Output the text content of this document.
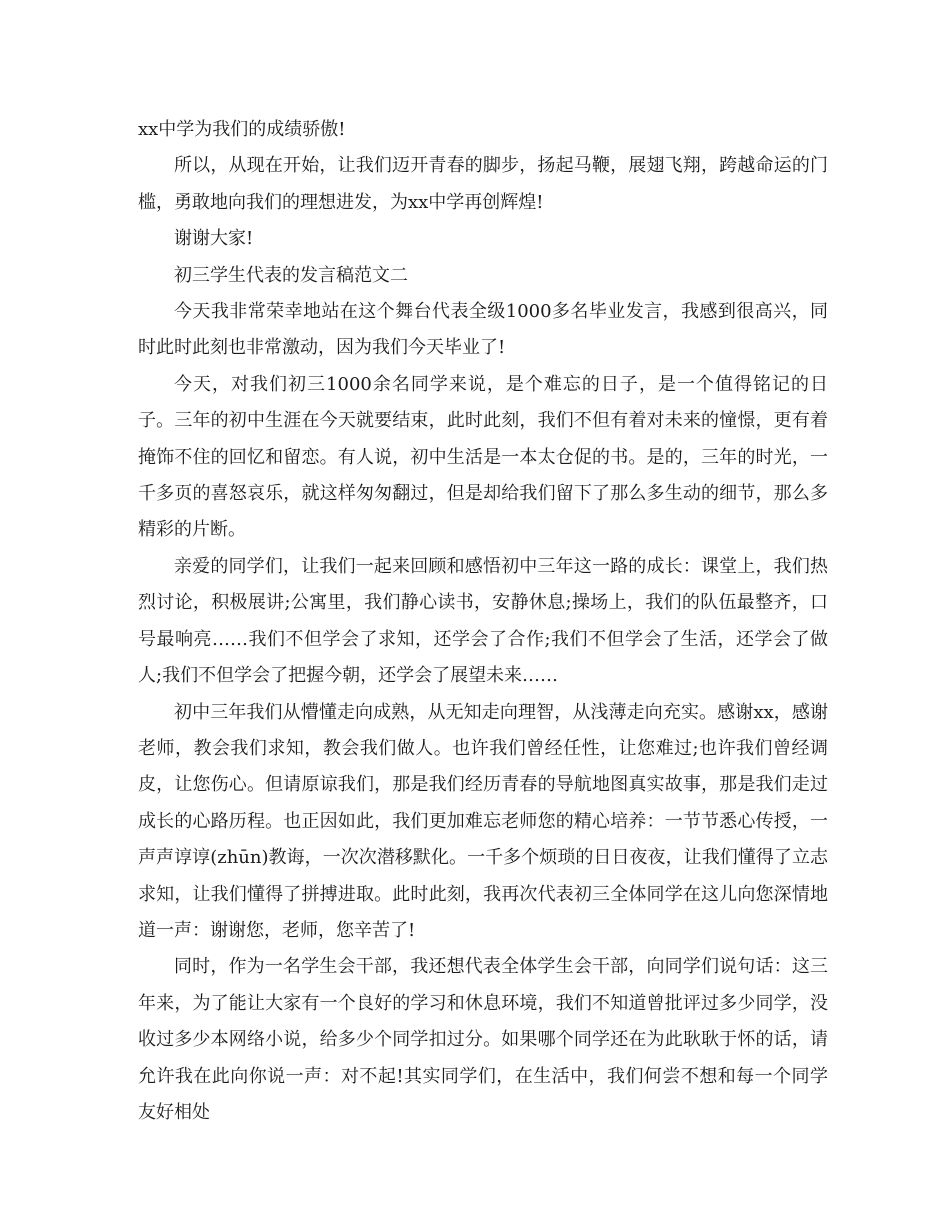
xx中学为我们的成绩骄傲!

所以，从现在开始，让我们迈开青春的脚步，扬起马鞭，展翅飞翔，跨越命运的门槛，勇敢地向我们的理想进发，为xx中学再创辉煌!

谢谢大家!

初三学生代表的发言稿范文二

今天我非常荣幸地站在这个舞台代表全级1000多名毕业发言，我感到很高兴，同时此时此刻也非常激动，因为我们今天毕业了!

今天，对我们初三1000余名同学来说，是个难忘的日子，是一个值得铭记的日子。三年的初中生涯在今天就要结束，此时此刻，我们不但有着对未来的憧憬，更有着掩饰不住的回忆和留恋。有人说，初中生活是一本太仓促的书。是的，三年的时光，一千多页的喜怒哀乐，就这样匆匆翻过，但是却给我们留下了那么多生动的细节，那么多精彩的片断。

亲爱的同学们，让我们一起来回顾和感悟初中三年这一路的成长：课堂上，我们热烈讨论，积极展讲;公寓里，我们静心读书，安静休息;操场上，我们的队伍最整齐，口号最响亮……我们不但学会了求知，还学会了合作;我们不但学会了生活，还学会了做人;我们不但学会了把握今朝，还学会了展望未来……

初中三年我们从懵懂走向成熟，从无知走向理智，从浅薄走向充实。感谢xx，感谢老师，教会我们求知，教会我们做人。也许我们曾经任性，让您难过;也许我们曾经调皮，让您伤心。但请原谅我们，那是我们经历青春的导航地图真实故事，那是我们走过成长的心路历程。也正因如此，我们更加难忘老师您的精心培养：一节节悉心传授，一声声谆谆(zhūn)教诲，一次次潜移默化。一千多个烦琐的日日夜夜，让我们懂得了立志求知，让我们懂得了拼搏进取。此时此刻，我再次代表初三全体同学在这儿向您深情地道一声：谢谢您，老师，您辛苦了!

同时，作为一名学生会干部，我还想代表全体学生会干部，向同学们说句话：这三年来，为了能让大家有一个良好的学习和休息环境，我们不知道曾批评过多少同学，没收过多少本网络小说，给多少个同学扣过分。如果哪个同学还在为此耿耿于怀的话，请允许我在此向你说一声：对不起!其实同学们，在生活中，我们何尝不想和每一个同学友好相处
